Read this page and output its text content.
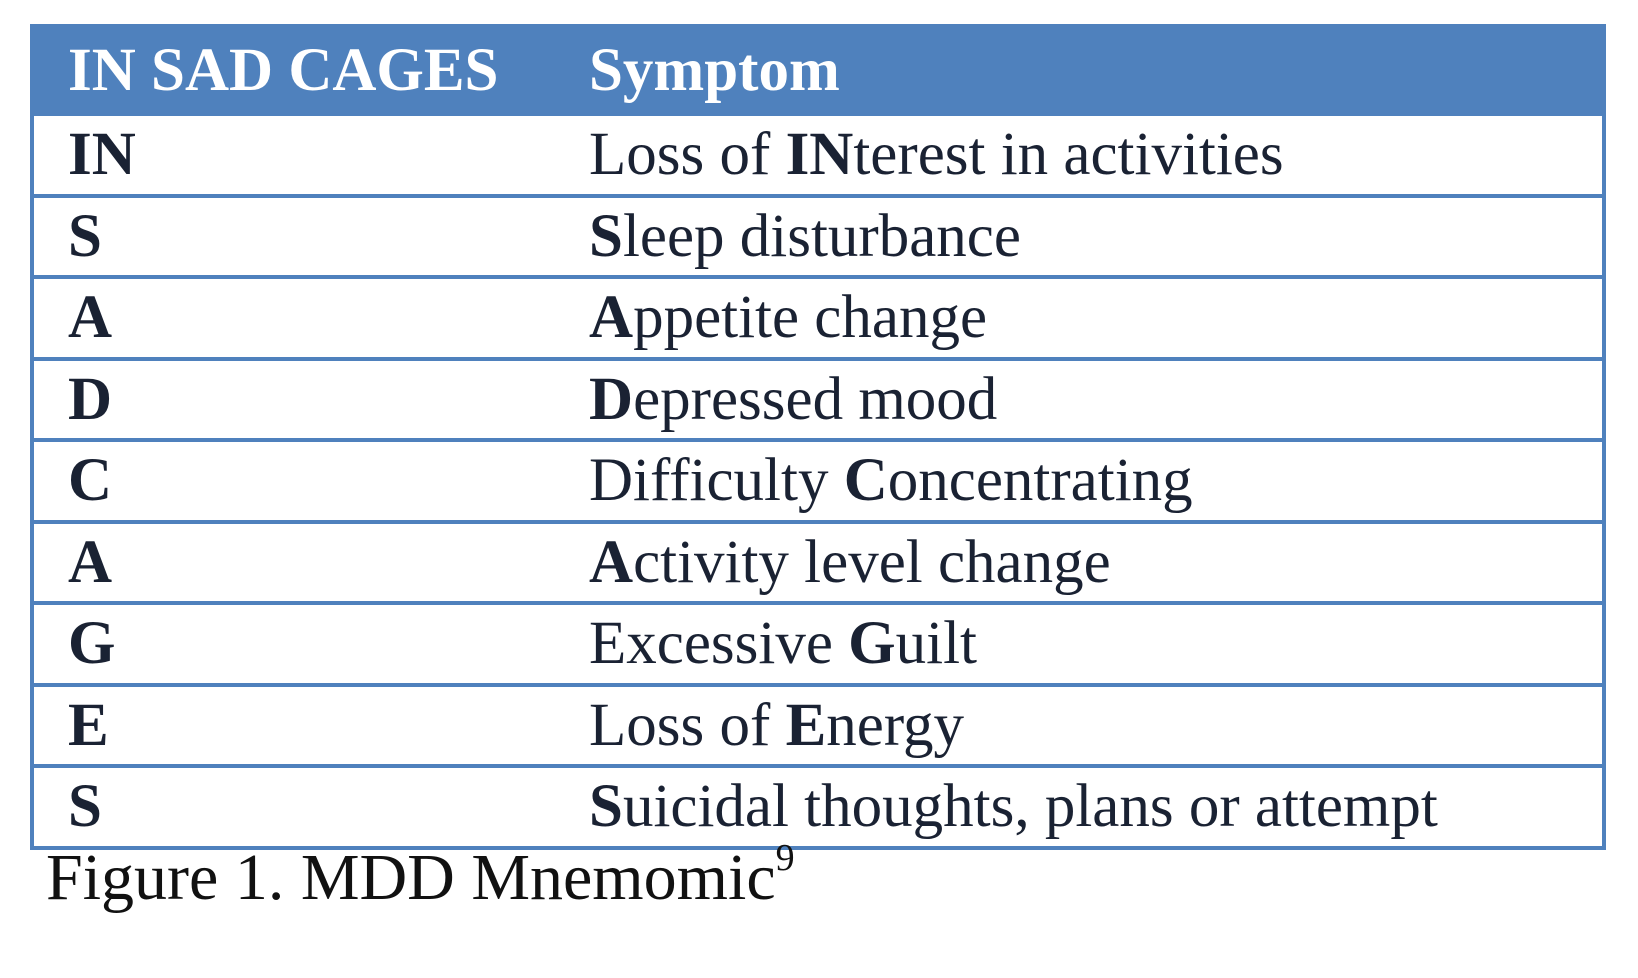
IN SAD CAGES	Symptom
IN	Loss of INterest in activities
S	Sleep disturbance
A	Appetite change
D	Depressed mood
C	Difficulty Concentrating
A	Activity level change
G	Excessive Guilt
E	Loss of Energy
S	Suicidal thoughts, plans or attempt
Figure 1. MDD Mnemomic$^9$
